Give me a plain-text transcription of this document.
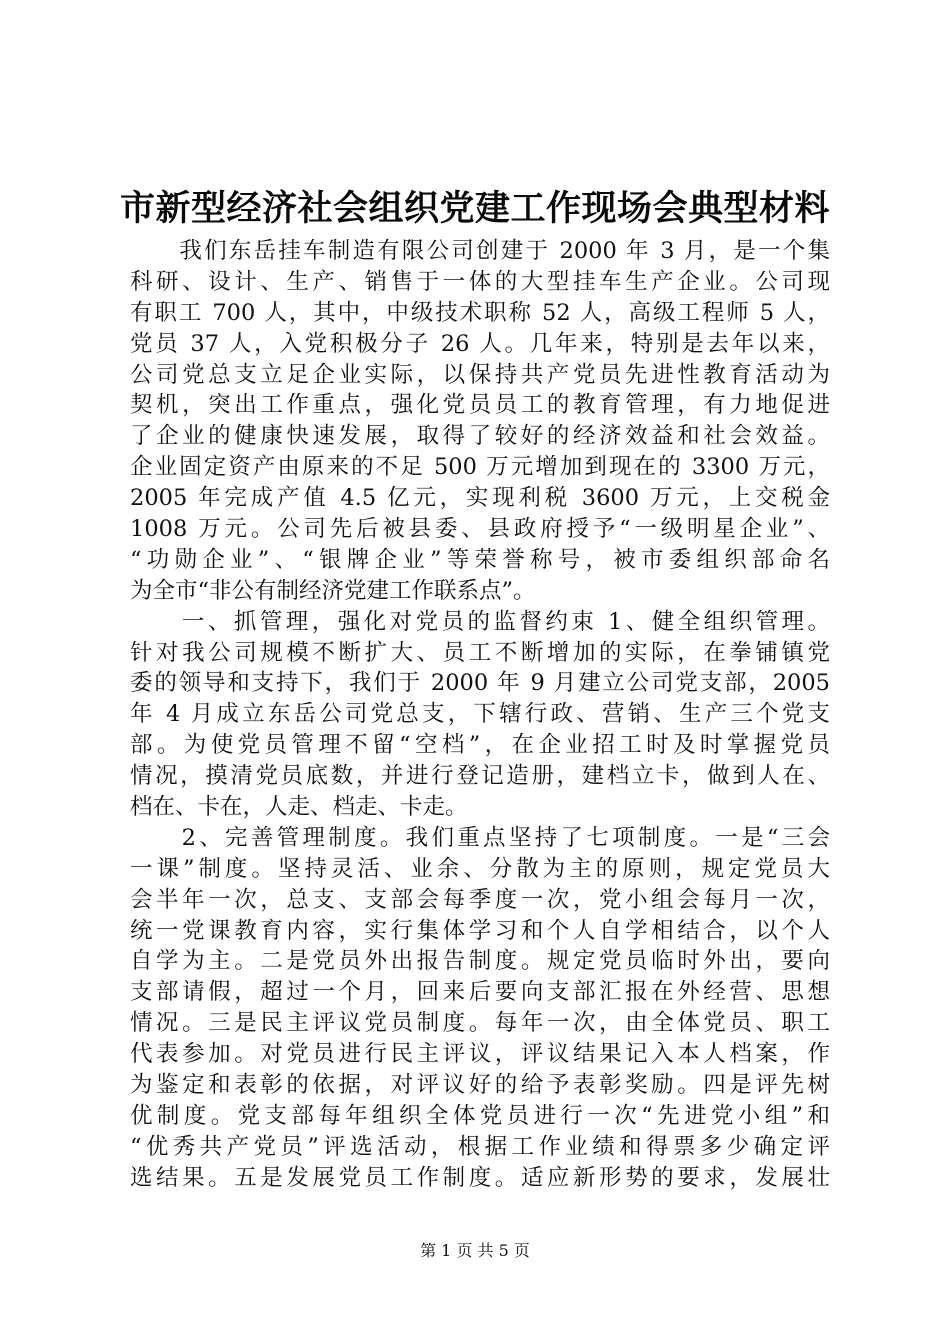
市新型经济社会组织党建工作现场会典型材料
　　我们东岳挂车制造有限公司创建于 2000 年 3 月，是一个集
科研、设计、生产、销售于一体的大型挂车生产企业。公司现
有职工 700 人，其中，中级技术职称 52 人，高级工程师 5 人，
党员 37 人，入党积极分子 26 人。几年来，特别是去年以来，
公司党总支立足企业实际，以保持共产党员先进性教育活动为
契机，突出工作重点，强化党员员工的教育管理，有力地促进
了企业的健康快速发展，取得了较好的经济效益和社会效益。
企业固定资产由原来的不足 500 万元增加到现在的 3300 万元，
2005 年完成产值 4.5 亿元，实现利税 3600 万元，上交税金
1008 万元。公司先后被县委、县政府授予“一级明星企业”、
“功勋企业”、“银牌企业”等荣誉称号，被市委组织部命名
为全市“非公有制经济党建工作联系点”。
　　一、抓管理，强化对党员的监督约束 1、健全组织管理。
针对我公司规模不断扩大、员工不断增加的实际，在拳铺镇党
委的领导和支持下，我们于 2000 年 9 月建立公司党支部，2005
年 4 月成立东岳公司党总支，下辖行政、营销、生产三个党支
部。为使党员管理不留“空档”，在企业招工时及时掌握党员
情况，摸清党员底数，并进行登记造册，建档立卡，做到人在、
档在、卡在，人走、档走、卡走。
　　2、完善管理制度。我们重点坚持了七项制度。一是“三会
一课”制度。坚持灵活、业余、分散为主的原则，规定党员大
会半年一次，总支、支部会每季度一次，党小组会每月一次，
统一党课教育内容，实行集体学习和个人自学相结合，以个人
自学为主。二是党员外出报告制度。规定党员临时外出，要向
支部请假，超过一个月，回来后要向支部汇报在外经营、思想
情况。三是民主评议党员制度。每年一次，由全体党员、职工
代表参加。对党员进行民主评议，评议结果记入本人档案，作
为鉴定和表彰的依据，对评议好的给予表彰奖励。四是评先树
优制度。党支部每年组织全体党员进行一次“先进党小组”和
“优秀共产党员”评选活动，根据工作业绩和得票多少确定评
选结果。五是发展党员工作制度。适应新形势的要求，发展壮
第 1 页 共 5 页
